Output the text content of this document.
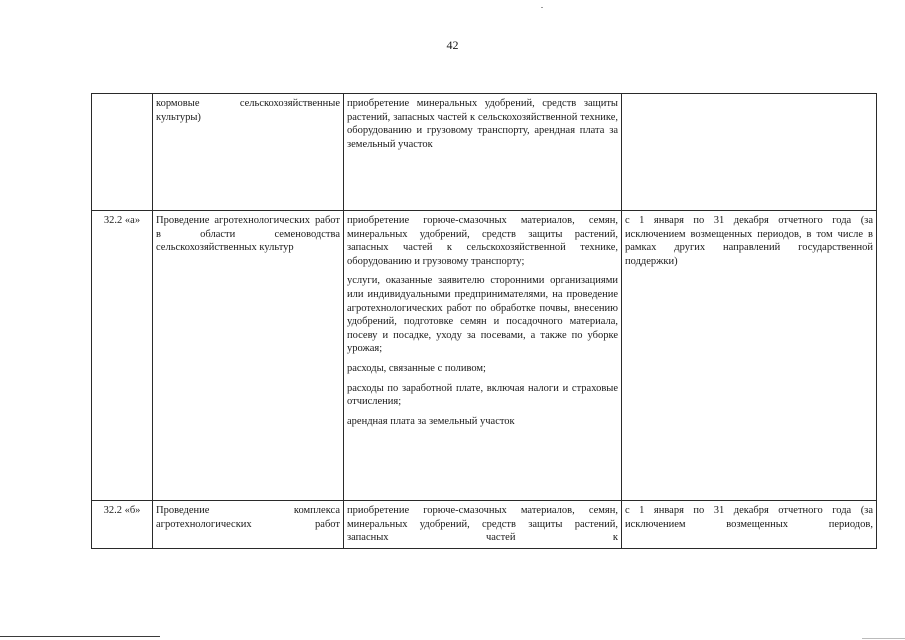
42
	кормовые сельскохозяйственные культуры)	приобретение минеральных удобрений, средств защиты растений, запасных частей к сельскохозяйственной технике, оборудованию и грузовому транспорту, арендная плата за земельный участок	

32.2 «а»	Проведение агротехнологических работ в области семеноводства сельскохозяйственных культур	приобретение горюче-смазочных материалов, семян, минеральных удобрений, средств защиты растений, запасных частей к сельскохозяйственной технике, оборудованию и грузовому транспорту;
услуги, оказанные заявителю сторонними организациями или индивидуальными предпринимателями, на проведение агротехнологических работ по обработке почвы, внесению удобрений, подготовке семян и посадочного материала, посеву и посадке, уходу за посевами, а также по уборке урожая;
расходы, связанные с поливом;
расходы по заработной плате, включая налоги и страховые отчисления;
арендная плата за земельный участок	с 1 января по 31 декабря отчетного года (за исключением возмещенных периодов, в том числе в рамках других направлений государственной поддержки)
32.2 «б»	Проведение комплекса агротехнологических работ	приобретение горюче-смазочных материалов, семян, минеральных удобрений, средств защиты растений, запасных частей к	с 1 января по 31 декабря отчетного года (за исключением возмещенных периодов,
